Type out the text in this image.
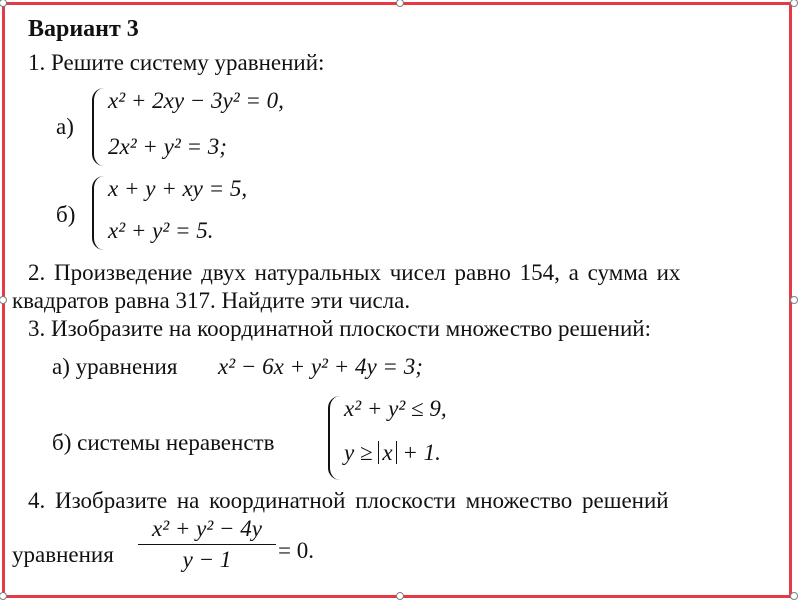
Вариант 3
1. Решите систему уравнений:
а)
x² + 2xy − 3y² = 0,
2x² + y² = 3;
б)
x + y + xy = 5,
x² + y² = 5.
2. Произведение двух натуральных чисел равно 154, а сумма их
квадратов равна 317. Найдите эти числа.
3. Изобразите на координатной плоскости множество решений:
а) уравнения x² − 6x + y² + 4y = 3;
б) системы неравенств
x² + y² ≤ 9,
y ≥ x + 1.
4. Изобразите на координатной плоскости множество решений
уравнения
x² + y² − 4y
y − 1	= 0.
